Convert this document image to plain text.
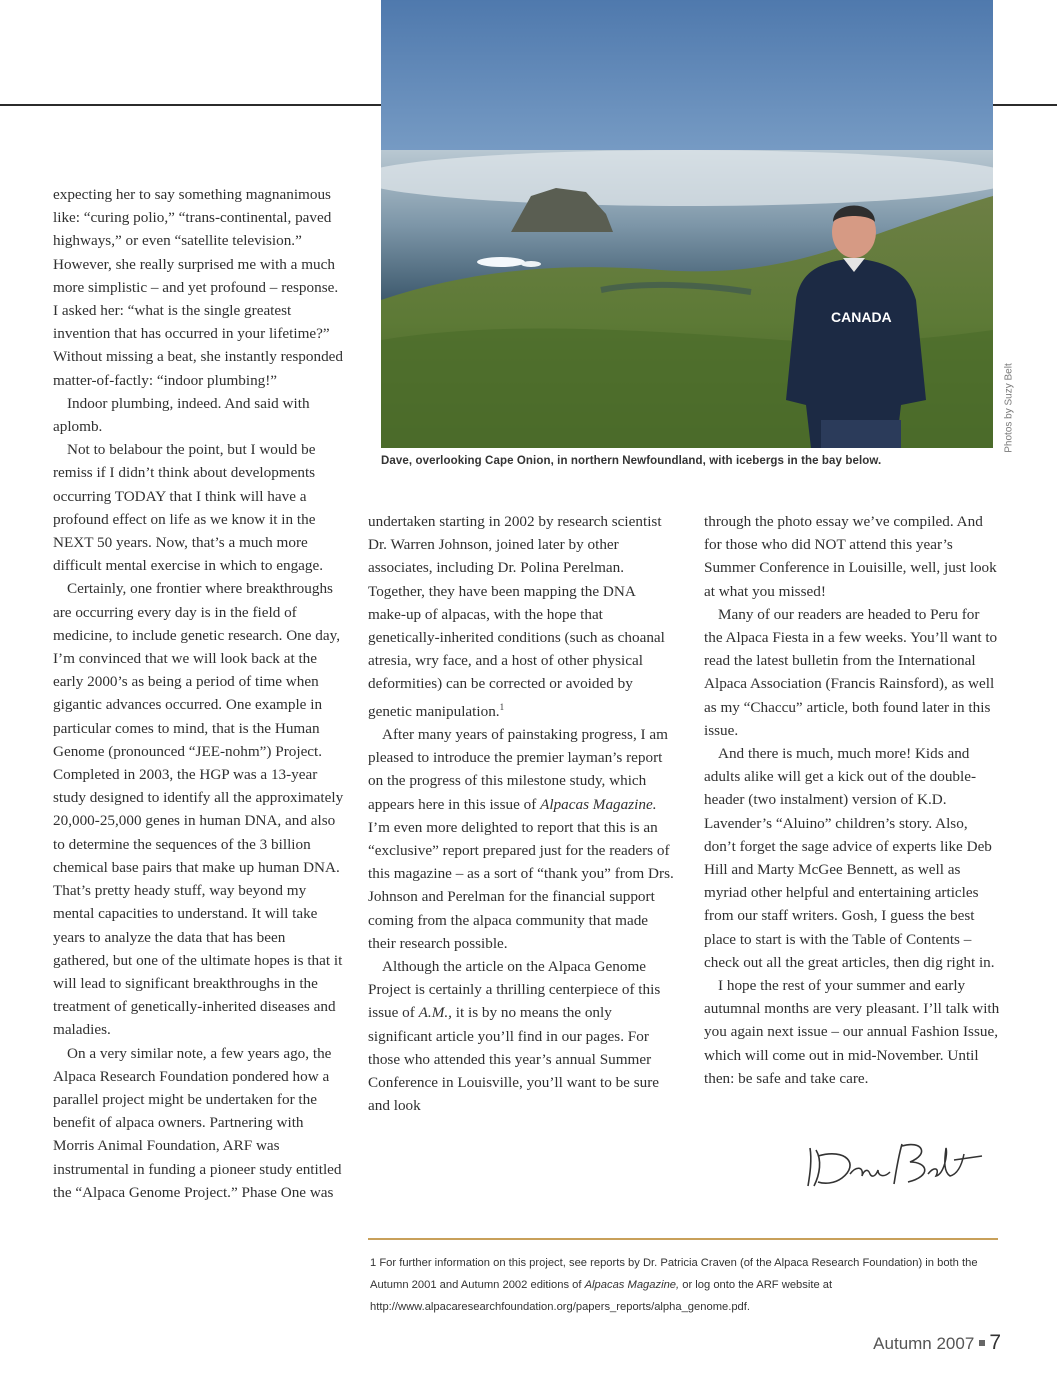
CANADA
Photos by Suzy Belt
Dave, overlooking Cape Onion, in northern Newfoundland, with icebergs in the bay below.

expecting her to say something magnanimous like: “curing polio,” “trans-continental, paved highways,” or even “satellite television.” However, she really surprised me with a much more simplistic – and yet profound – response. I asked her: “what is the single greatest invention that has occurred in your lifetime?” Without missing a beat, she instantly responded matter-of-factly: “indoor plumbing!”

Indoor plumbing, indeed. And said with aplomb.

Not to belabour the point, but I would be remiss if I didn’t think about developments occurring TODAY that I think will have a profound effect on life as we know it in the NEXT 50 years. Now, that’s a much more difficult mental exercise in which to engage.

Certainly, one frontier where breakthroughs are occurring every day is in the field of medicine, to include genetic research. One day, I’m convinced that we will look back at the early 2000’s as being a period of time when gigantic advances occurred. One example in particular comes to mind, that is the Human Genome (pronounced “JEE-nohm”) Project. Completed in 2003, the HGP was a 13-year study designed to identify all the approximately 20,000-25,000 genes in human DNA, and also to determine the sequences of the 3 billion chemical base pairs that make up human DNA. That’s pretty heady stuff, way beyond my mental capacities to understand. It will take years to analyze the data that has been gathered, but one of the ultimate hopes is that it will lead to significant breakthroughs in the treatment of genetically-inherited diseases and maladies.

On a very similar note, a few years ago, the Alpaca Research Foundation pondered how a parallel project might be undertaken for the benefit of alpaca owners. Partnering with Morris Animal Foundation, ARF was instrumental in funding a pioneer study entitled the “Alpaca Genome Project.” Phase One was

undertaken starting in 2002 by research scientist Dr. Warren Johnson, joined later by other associates, including Dr. Polina Perelman. Together, they have been mapping the DNA make-up of alpacas, with the hope that genetically-inherited conditions (such as choanal atresia, wry face, and a host of other physical deformities) can be corrected or avoided by genetic manipulation.$^1$

After many years of painstaking progress, I am pleased to introduce the premier layman’s report on the progress of this milestone study, which appears here in this issue of Alpacas Magazine. I’m even more delighted to report that this is an “exclusive” report prepared just for the readers of this magazine – as a sort of “thank you” from Drs. Johnson and Perelman for the financial support coming from the alpaca community that made their research possible.

Although the article on the Alpaca Genome Project is certainly a thrilling centerpiece of this issue of A.M., it is by no means the only significant article you’ll find in our pages. For those who attended this year’s annual Summer Conference in Louisville, you’ll want to be sure and look

through the photo essay we’ve compiled. And for those who did NOT attend this year’s Summer Conference in Louisille, well, just look at what you missed!

Many of our readers are headed to Peru for the Alpaca Fiesta in a few weeks. You’ll want to read the latest bulletin from the International Alpaca Association (Francis Rainsford), as well as my “Chaccu” article, both found later in this issue.

And there is much, much more! Kids and adults alike will get a kick out of the double-header (two instalment) version of K.D. Lavender’s “Aluino” children’s story. Also, don’t forget the sage advice of experts like Deb Hill and Marty McGee Bennett, as well as myriad other helpful and entertaining articles from our staff writers. Gosh, I guess the best place to start is with the Table of Contents – check out all the great articles, then dig right in.

I hope the rest of your summer and early autumnal months are very pleasant. I’ll talk with you again next issue – our annual Fashion Issue, which will come out in mid-November. Until then: be safe and take care.

1 For further information on this project, see reports by Dr. Patricia Craven (of the Alpaca Research Foundation) in both the Autumn 2001 and Autumn 2002 editions of Alpacas Magazine, or log onto the ARF website at http://www.alpacaresearchfoundation.org/papers_reports/alpha_genome.pdf.
Autumn 2007 7
